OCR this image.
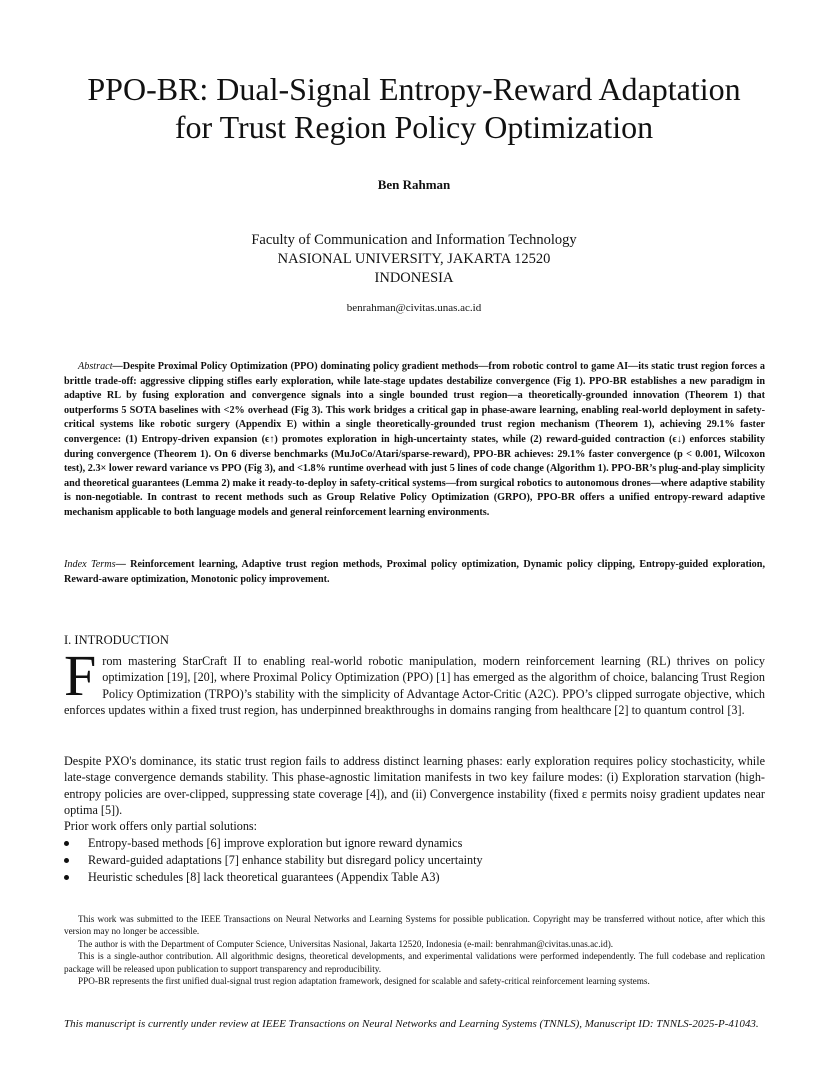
PPO-BR: Dual-Signal Entropy-Reward Adaptation
for Trust Region Policy Optimization
Ben Rahman
Faculty of Communication and Information Technology
NASIONAL UNIVERSITY, JAKARTA 12520
INDONESIA
benrahman@civitas.unas.ac.id

Abstract—Despite Proximal Policy Optimization (PPO) dominating policy gradient methods—from robotic control to game AI—its static trust region forces a brittle trade-off: aggressive clipping stifles early exploration, while late-stage updates destabilize convergence (Fig 1). PPO-BR establishes a new paradigm in adaptive RL by fusing exploration and convergence signals into a single bounded trust region—a theoretically-grounded innovation (Theorem 1) that outperforms 5 SOTA baselines with <2% overhead (Fig 3). This work bridges a critical gap in phase-aware learning, enabling real-world deployment in safety-critical systems like robotic surgery (Appendix E) within a single theoretically-grounded trust region mechanism (Theorem 1), achieving 29.1% faster convergence: (1) Entropy-driven expansion (ϵ↑) promotes exploration in high-uncertainty states, while (2) reward-guided contraction (ϵ↓) enforces stability during convergence (Theorem 1). On 6 diverse benchmarks (MuJoCo/Atari/sparse-reward), PPO-BR achieves: 29.1% faster convergence (p < 0.001, Wilcoxon test), 2.3× lower reward variance vs PPO (Fig 3), and <1.8% runtime overhead with just 5 lines of code change (Algorithm 1). PPO-BR’s plug-and-play simplicity and theoretical guarantees (Lemma 2) make it ready-to-deploy in safety-critical systems—from surgical robotics to autonomous drones—where adaptive stability is non-negotiable. In contrast to recent methods such as Group Relative Policy Optimization (GRPO), PPO-BR offers a unified entropy-reward adaptive mechanism applicable to both language models and general reinforcement learning environments.

Index Terms— Reinforcement learning, Adaptive trust region methods, Proximal policy optimization, Dynamic policy clipping, Entropy-guided exploration, Reward-aware optimization, Monotonic policy improvement.

I. INTRODUCTION

From mastering StarCraft II to enabling real-world robotic manipulation, modern reinforcement learning (RL) thrives on policy optimization [19], [20], where Proximal Policy Optimization (PPO) [1] has emerged as the algorithm of choice, balancing Trust Region Policy Optimization (TRPO)’s stability with the simplicity of Advantage Actor-Critic (A2C). PPO’s clipped surrogate objective, which enforces updates within a fixed trust region, has underpinned breakthroughs in domains ranging from healthcare [2] to quantum control [3].

Despite PXO's dominance, its static trust region fails to address distinct learning phases: early exploration requires policy stochasticity, while late-stage convergence demands stability. This phase-agnostic limitation manifests in two key failure modes: (i) Exploration starvation (high-entropy policies are over-clipped, suppressing state coverage [4]), and (ii) Convergence instability (fixed ε permits noisy gradient updates near optima [5]).

Prior work offers only partial solutions:

Entropy-based methods [6] improve exploration but ignore reward dynamics
Reward-guided adaptations [7] enhance stability but disregard policy uncertainty
Heuristic schedules [8] lack theoretical guarantees (Appendix Table A3)

This work was submitted to the IEEE Transactions on Neural Networks and Learning Systems for possible publication. Copyright may be transferred without notice, after which this version may no longer be accessible.

The author is with the Department of Computer Science, Universitas Nasional, Jakarta 12520, Indonesia (e-mail: benrahman@civitas.unas.ac.id).

This is a single-author contribution. All algorithmic designs, theoretical developments, and experimental validations were performed independently. The full codebase and replication package will be released upon publication to support transparency and reproducibility.

PPO-BR represents the first unified dual-signal trust region adaptation framework, designed for scalable and safety-critical reinforcement learning systems.

This manuscript is currently under review at IEEE Transactions on Neural Networks and Learning Systems (TNNLS), Manuscript ID: TNNLS-2025-P-41043.
